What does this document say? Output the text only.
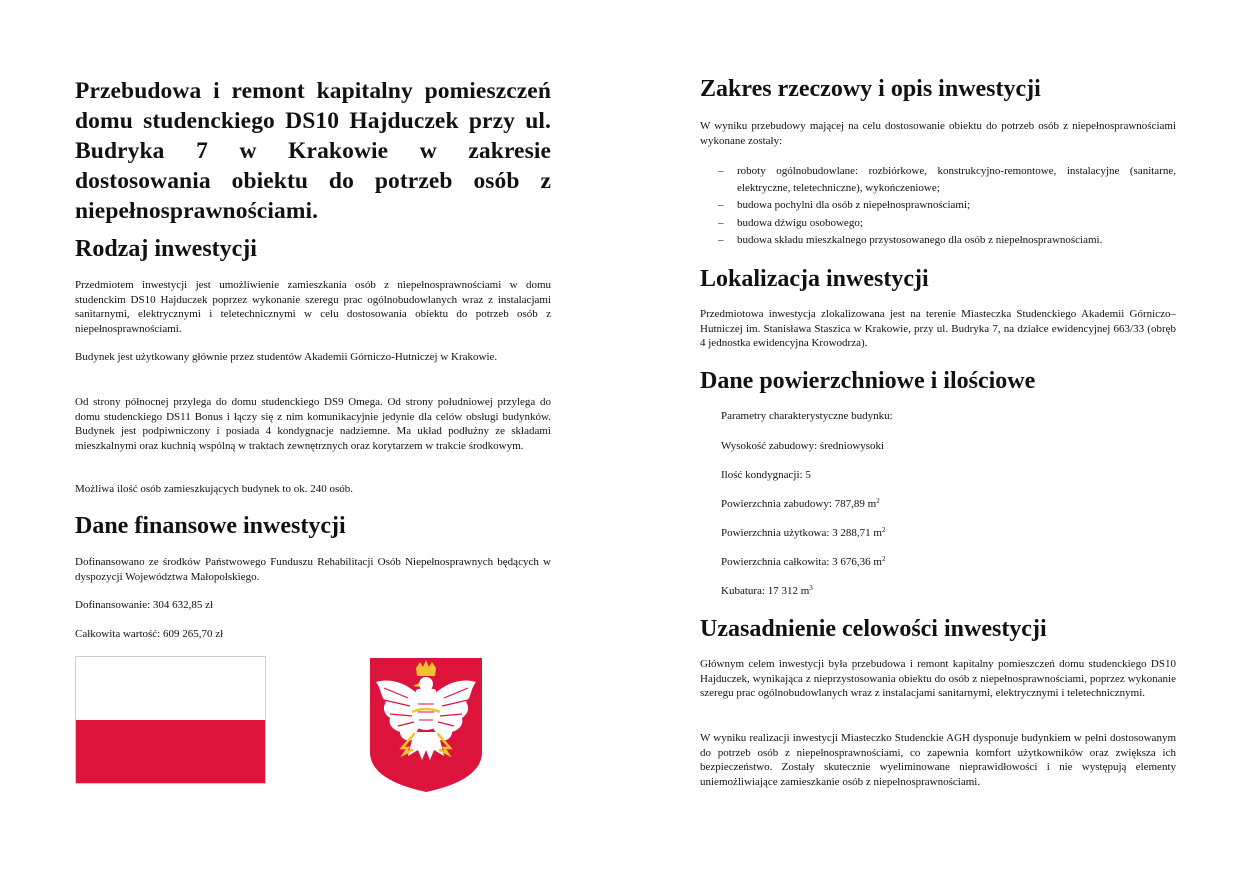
Przebudowa i remont kapitalny pomieszczeń domu studenckiego DS10 Hajduczek przy ul. Budryka 7 w Krakowie w zakresie dostosowania obiektu do potrzeb osób z niepełnosprawnościami.
Rodzaj inwestycji

Przedmiotem inwestycji jest umożliwienie zamieszkania osób z niepełnosprawnościami w domu studenckim DS10 Hajduczek poprzez wykonanie szeregu prac ogólnobudowlanych wraz z instalacjami sanitarnymi, elektrycznymi i teletechnicznymi w celu dostosowania obiektu do potrzeb osób z niepełnosprawnościami.

Budynek jest użytkowany głównie przez studentów Akademii Górniczo-Hutniczej w Krakowie.

Od strony północnej przylega do domu studenckiego DS9 Omega. Od strony południowej przylega do domu studenckiego DS11 Bonus i łączy się z nim komunikacyjnie jedynie dla celów obsługi budynków. Budynek jest podpiwniczony i posiada 4 kondygnacje nadziemne. Ma układ podłużny ze składami mieszkalnymi oraz kuchnią wspólną w traktach zewnętrznych oraz korytarzem w trakcie środkowym.

Możliwa ilość osób zamieszkujących budynek to ok. 240 osób.

Dane finansowe inwestycji

Dofinansowano ze środków Państwowego Funduszu Rehabilitacji Osób Niepełnosprawnych będących w dyspozycji Województwa Małopolskiego.

Dofinansowanie: 304 632,85 zł

Całkowita wartość: 609 265,70 zł

Zakres rzeczowy i opis inwestycji

W wyniku przebudowy mającej na celu dostosowanie obiektu do potrzeb osób z niepełnosprawnościami wykonane zostały:

– roboty ogólnobudowlane: rozbiórkowe, konstrukcyjno-remontowe, instalacyjne (sanitarne, elektryczne, teletechniczne), wykończeniowe;
– budowa pochylni dla osób z niepełnosprawnościami;
– budowa dźwigu osobowego;
– budowa składu mieszkalnego przystosowanego dla osób z niepełnosprawnościami.
Lokalizacja inwestycji

Przedmiotowa inwestycja zlokalizowana jest na terenie Miasteczka Studenckiego Akademii Górniczo–Hutniczej im. Stanisława Staszica w Krakowie, przy ul. Budryka 7, na działce ewidencyjnej 663/33 (obręb 4 jednostka ewidencyjna Krowodrza).

Dane powierzchniowe i ilościowe

Parametry charakterystyczne budynku:

Wysokość zabudowy: średniowysoki

Ilość kondygnacji: 5

Powierzchnia zabudowy: 787,89 $m^2$

Powierzchnia użytkowa: 3 288,71 $m^2$

Powierzchnia całkowita: 3 676,36 $m^2$

Kubatura: 17 312 $m^3$

Uzasadnienie celowości inwestycji

Głównym celem inwestycji była przebudowa i remont kapitalny pomieszczeń domu studenckiego DS10 Hajduczek, wynikająca z nieprzystosowania obiektu do osób z niepełnosprawnościami, poprzez wykonanie szeregu prac ogólnobudowlanych wraz z instalacjami sanitarnymi, elektrycznymi i teletechnicznymi.

W wyniku realizacji inwestycji Miasteczko Studenckie AGH dysponuje budynkiem w pełni dostosowanym do potrzeb osób z niepełnosprawnościami, co zapewnia komfort użytkowników oraz zwiększa ich bezpieczeństwo. Zostały skutecznie wyeliminowane nieprawidłowości i nie występują elementy uniemożliwiające zamieszkanie osób z niepełnosprawnościami.
